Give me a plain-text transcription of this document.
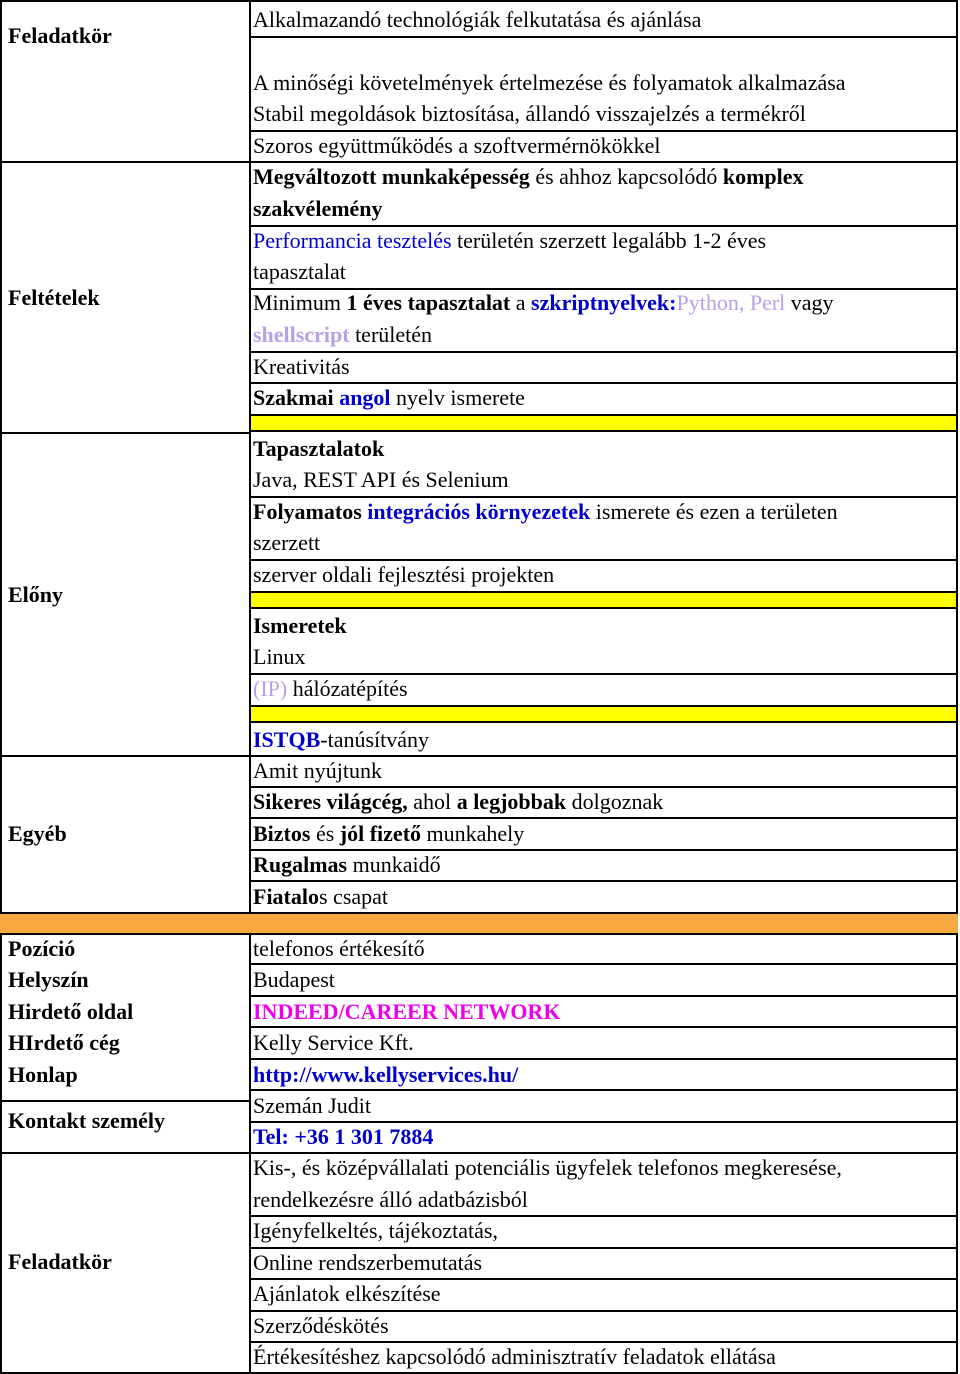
Feladatkör
Feltételek
Előny
Egyéb
Pozíció
Helyszín
Hirdető oldal
HIrdető cég
Honlap
Kontakt személy
Feladatkör
Alkalmazandó technológiák felkutatása és ajánlása
A minőségi követelmények értelmezése és folyamatok alkalmazása
Stabil megoldások biztosítása, állandó visszajelzés a termékről
Szoros együttműködés a szoftvermérnökökkel
Megváltozott munkaképesség és ahhoz kapcsolódó komplex
szakvélemény
Performancia tesztelés területén szerzett legalább 1-2 éves
tapasztalat
Minimum 1 éves tapasztalat a szkriptnyelvek:Python, Perl vagy
shellscript területén
Kreativitás
Szakmai angol nyelv ismerete
Tapasztalatok
Java, REST API és Selenium
Folyamatos integrációs környezetek ismerete és ezen a területen
szerzett
szerver oldali fejlesztési projekten
Ismeretek
Linux
(IP) hálózatépítés
ISTQB-tanúsítvány
Amit nyújtunk
Sikeres világcég, ahol a legjobbak dolgoznak
Biztos és jól fizető munkahely
Rugalmas munkaidő
Fiatalos csapat
telefonos értékesítő
Budapest
INDEED/CAREER NETWORK
Kelly Service Kft.
http://www.kellyservices.hu/
Szemán Judit
Tel: +36 1 301 7884
Kis-, és középvállalati potenciális ügyfelek telefonos megkeresése,
rendelkezésre álló adatbázisból
Igényfelkeltés, tájékoztatás,
Online rendszerbemutatás
Ajánlatok elkészítése
Szerződéskötés
Értékesítéshez kapcsolódó adminisztratív feladatok ellátása
